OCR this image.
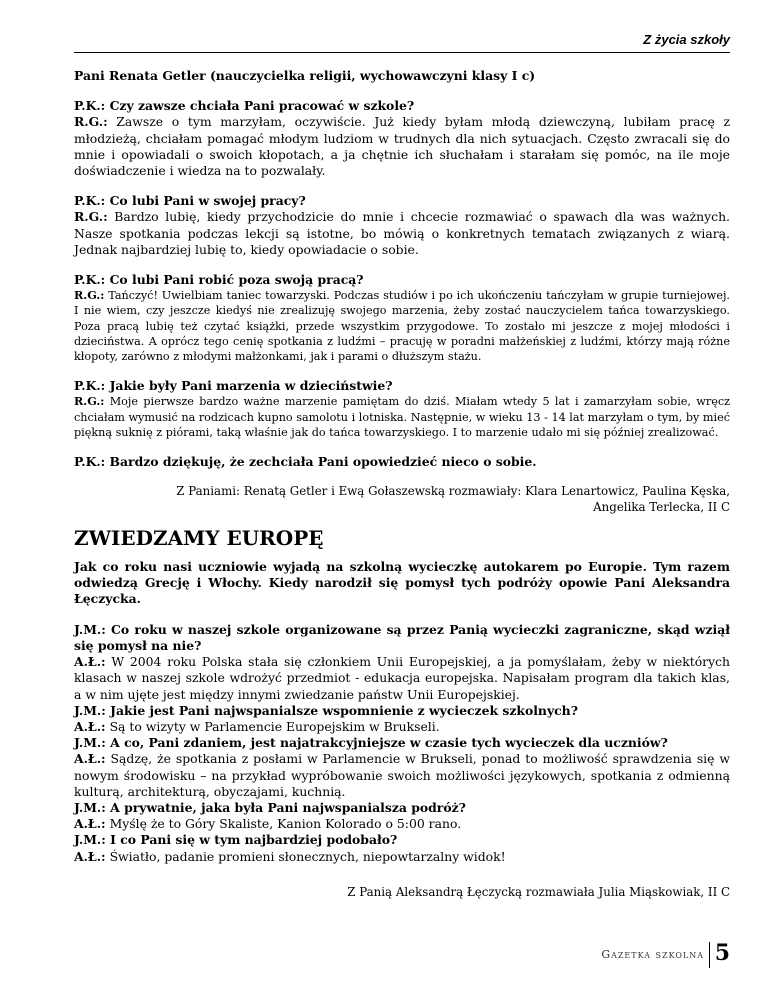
Z życia szkoły

Pani Renata Getler (nauczycielka religii, wychowawczyni klasy I c)

P.K.: Czy zawsze chciała Pani pracować w szkole?
R.G.: Zawsze o tym marzyłam, oczywiście. Już kiedy byłam młodą dziewczyną, lubiłam pracę z młodzieżą, chciałam pomagać młodym ludziom w trudnych dla nich sytuacjach. Często zwracali się do mnie i opowiadali o swoich kłopotach, a ja chętnie ich słuchałam i starałam się pomóc, na ile moje doświadczenie i wiedza na to pozwalały.

P.K.: Co lubi Pani w swojej pracy?
R.G.: Bardzo lubię, kiedy przychodzicie do mnie i chcecie rozmawiać o spawach dla was ważnych. Nasze spotkania podczas lekcji są istotne, bo mówią o konkretnych tematach związanych z wiarą. Jednak najbardziej lubię to, kiedy opowiadacie o sobie.

P.K.: Co lubi Pani robić poza swoją pracą?

R.G.: Tańczyć! Uwielbiam taniec towarzyski. Podczas studiów i po ich ukończeniu tańczyłam w grupie turniejowej. I nie wiem, czy jeszcze kiedyś nie zrealizuję swojego marzenia, żeby zostać nauczycielem tańca towarzyskiego. Poza pracą lubię też czytać książki, przede wszystkim przygodowe. To zostało mi jeszcze z mojej młodości i dzieciństwa. A oprócz tego cenię spotkania z ludźmi – pracuję w poradni małżeńskiej z ludźmi, którzy mają różne kłopoty, zarówno z młodymi małżonkami, jak i parami o dłuższym stażu.

P.K.: Jakie były Pani marzenia w dzieciństwie?

R.G.: Moje pierwsze bardzo ważne marzenie pamiętam do dziś. Miałam wtedy 5 lat i zamarzyłam sobie, wręcz chciałam wymusić na rodzicach kupno samolotu i lotniska. Następnie, w wieku 13 - 14 lat marzyłam o tym, by mieć piękną suknię z piórami, taką właśnie jak do tańca towarzyskiego. I to marzenie udało mi się później zrealizować.

P.K.: Bardzo dziękuję, że zechciała Pani opowiedzieć nieco o sobie.

Z Paniami: Renatą Getler i Ewą Gołaszewską rozmawiały: Klara Lenartowicz, Paulina Kęska,

Angelika Terlecka, II C

ZWIEDZAMY EUROPĘ

Jak co roku nasi uczniowie wyjadą na szkolną wycieczkę autokarem po Europie. Tym razem odwiedzą Grecję i Włochy. Kiedy narodził się pomysł tych podróży opowie Pani Aleksandra Łęczycka.

J.M.: Co roku w naszej szkole organizowane są przez Panią wycieczki zagraniczne, skąd wziął się pomysł na nie?
A.Ł.: W 2004 roku Polska stała się członkiem Unii Europejskiej, a ja pomyślałam, żeby w niektórych klasach w naszej szkole wdrożyć przedmiot - edukacja europejska. Napisałam program dla takich klas, a w nim ujęte jest między innymi zwiedzanie państw Unii Europejskiej.
J.M.: Jakie jest Pani najwspanialsze wspomnienie z wycieczek szkolnych?
A.Ł.: Są to wizyty w Parlamencie Europejskim w Brukseli.
J.M.: A co, Pani zdaniem, jest najatrakcyjniejsze w czasie tych wycieczek dla uczniów?
A.Ł.: Sądzę, że spotkania z posłami w Parlamencie w Brukseli, ponad to możliwość sprawdzenia się w nowym środowisku – na przykład wypróbowanie swoich możliwości językowych, spotkania z odmienną kulturą, architekturą, obyczajami, kuchnią.
J.M.: A prywatnie, jaka była Pani najwspanialsza podróż?
A.Ł.: Myślę że to Góry Skaliste, Kanion Kolorado o 5:00 rano.
J.M.: I co Pani się w tym najbardziej podobało?
A.Ł.: Światło, padanie promieni słonecznych, niepowtarzalny widok!

Z Panią Aleksandrą Łęczycką rozmawiała Julia Miąskowiak, II C

Gazetka szkolna 5
